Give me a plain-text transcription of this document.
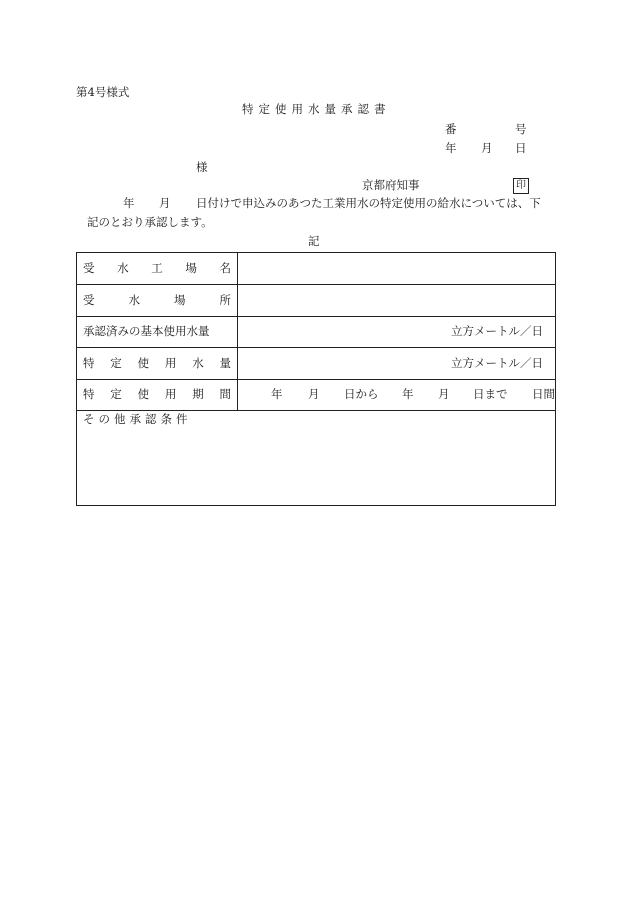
第4号様式
特定使用水量承認書
番	号
年 月 日
様
京都府知事	印
年 月 日付けで申込みのあつた工業用水の特定使用の給水については、下
記のとおり承認します。
記
受 水 工 場 名
受	水	場	所
承認済みの基本使用水量	立方メートル／日
特 定 使 用 水 量	立方メートル／日
特 定 使 用 期 間	年 月 日から 年 月 日まで 日間
その他承認条件
